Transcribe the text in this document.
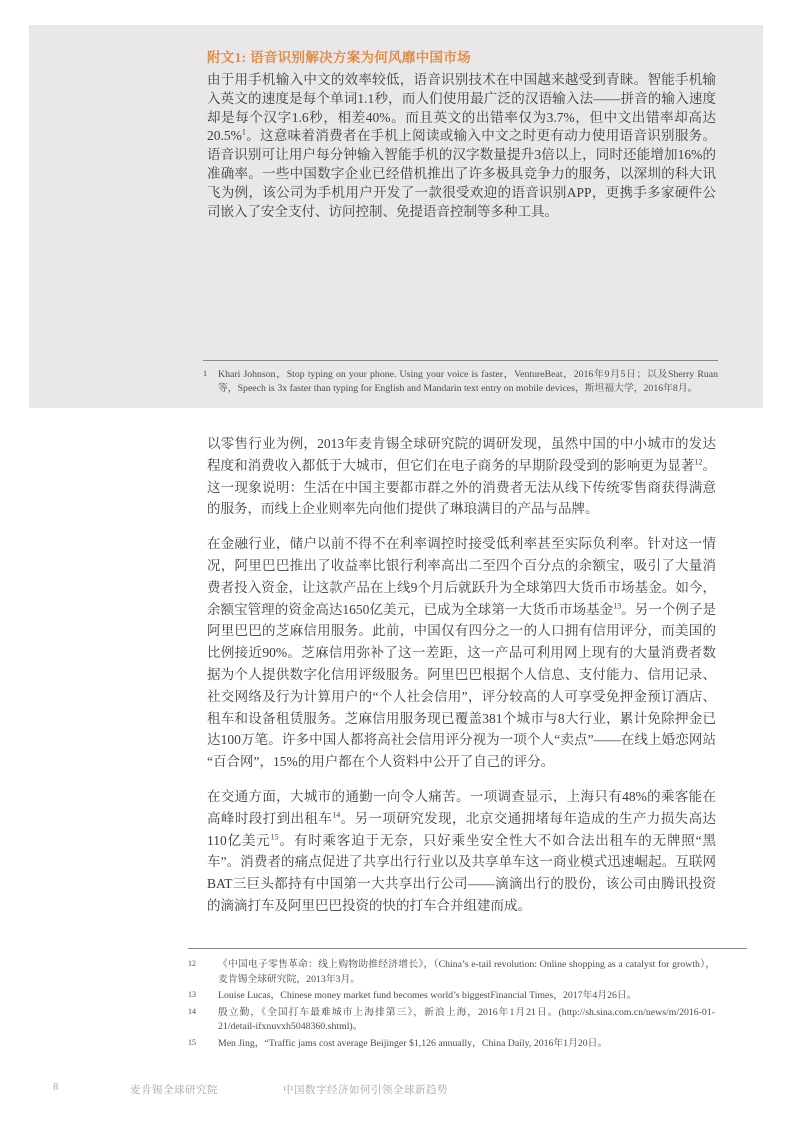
附文1: 语音识别解决方案为何风靡中国市场

由于用手机输入中文的效率较低，语音识别技术在中国越来越受到青睐。智能手机输入英文的速度是每个单词1.1秒，而人们使用最广泛的汉语输入法——拼音的输入速度却是每个汉字1.6秒，相差40%。而且英文的出错率仅为3.7%，但中文出错率却高达20.5%$^1$。这意味着消费者在手机上阅读或输入中文之时更有动力使用语音识别服务。语音识别可让用户每分钟输入智能手机的汉字数量提升3倍以上，同时还能增加16%的准确率。一些中国数字企业已经借机推出了许多极具竞争力的服务，以深圳的科大讯飞为例，该公司为手机用户开发了一款很受欢迎的语音识别APP，更携手多家硬件公司嵌入了安全支付、访问控制、免提语音控制等多种工具。

1	Khari Johnson，Stop typing on your phone. Using your voice is faster，VentureBeat，2016年9月5日；以及Sherry Ruan等，Speech is 3x faster than typing for English and Mandarin text entry on mobile devices，斯坦福大学，2016年8月。

以零售行业为例，2013年麦肯锡全球研究院的调研发现，虽然中国的中小城市的发达程度和消费收入都低于大城市，但它们在电子商务的早期阶段受到的影响更为显著$^{12}$。这一现象说明：生活在中国主要都市群之外的消费者无法从线下传统零售商获得满意的服务，而线上企业则率先向他们提供了琳琅满目的产品与品牌。

在金融行业，储户以前不得不在利率调控时接受低利率甚至实际负利率。针对这一情况，阿里巴巴推出了收益率比银行利率高出二至四个百分点的余额宝，吸引了大量消费者投入资金，让这款产品在上线9个月后就跃升为全球第四大货币市场基金。如今，余额宝管理的资金高达1650亿美元，已成为全球第一大货币市场基金$^{13}$。另一个例子是阿里巴巴的芝麻信用服务。此前，中国仅有四分之一的人口拥有信用评分，而美国的比例接近90%。芝麻信用弥补了这一差距，这一产品可利用网上现有的大量消费者数据为个人提供数字化信用评级服务。阿里巴巴根据个人信息、支付能力、信用记录、社交网络及行为计算用户的“个人社会信用”，评分较高的人可享受免押金预订酒店、租车和设备租赁服务。芝麻信用服务现已覆盖381个城市与8大行业，累计免除押金已达100万笔。许多中国人都将高社会信用评分视为一项个人“卖点”——在线上婚恋网站“百合网”，15%的用户都在个人资料中公开了自己的评分。

在交通方面，大城市的通勤一向令人痛苦。一项调查显示，上海只有48%的乘客能在高峰时段打到出租车$^{14}$。另一项研究发现，北京交通拥堵每年造成的生产力损失高达110亿美元$^{15}$。有时乘客迫于无奈，只好乘坐安全性大不如合法出租车的无牌照“黑车”。消费者的痛点促进了共享出行行业以及共享单车这一商业模式迅速崛起。互联网BAT三巨头都持有中国第一大共享出行公司——滴滴出行的股份，该公司由腾讯投资的滴滴打车及阿里巴巴投资的快的打车合并组建而成。

12	《中国电子零售革命：线上购物助推经济增长》，（China’s e-tail revolution: Online shopping as a catalyst for growth），麦肯锡全球研究院，2013年3月。
13	Louise Lucas，Chinese money market fund becomes world’s biggestFinancial Times，2017年4月26日。
14	殷立勤，《全国打车最难城市上海排第三》，新浪上海，2016年1月21日。(http://sh.sina.com.cn/news/m/2016-01-21/detail-ifxnuvxh5048360.shtml)。
15	Men Jing，“Traffic jams cost average Beijinger $1,126 annually，China Daily, 2016年1月20日。
8	麦肯锡全球研究院	中国数字经济如何引领全球新趋势
